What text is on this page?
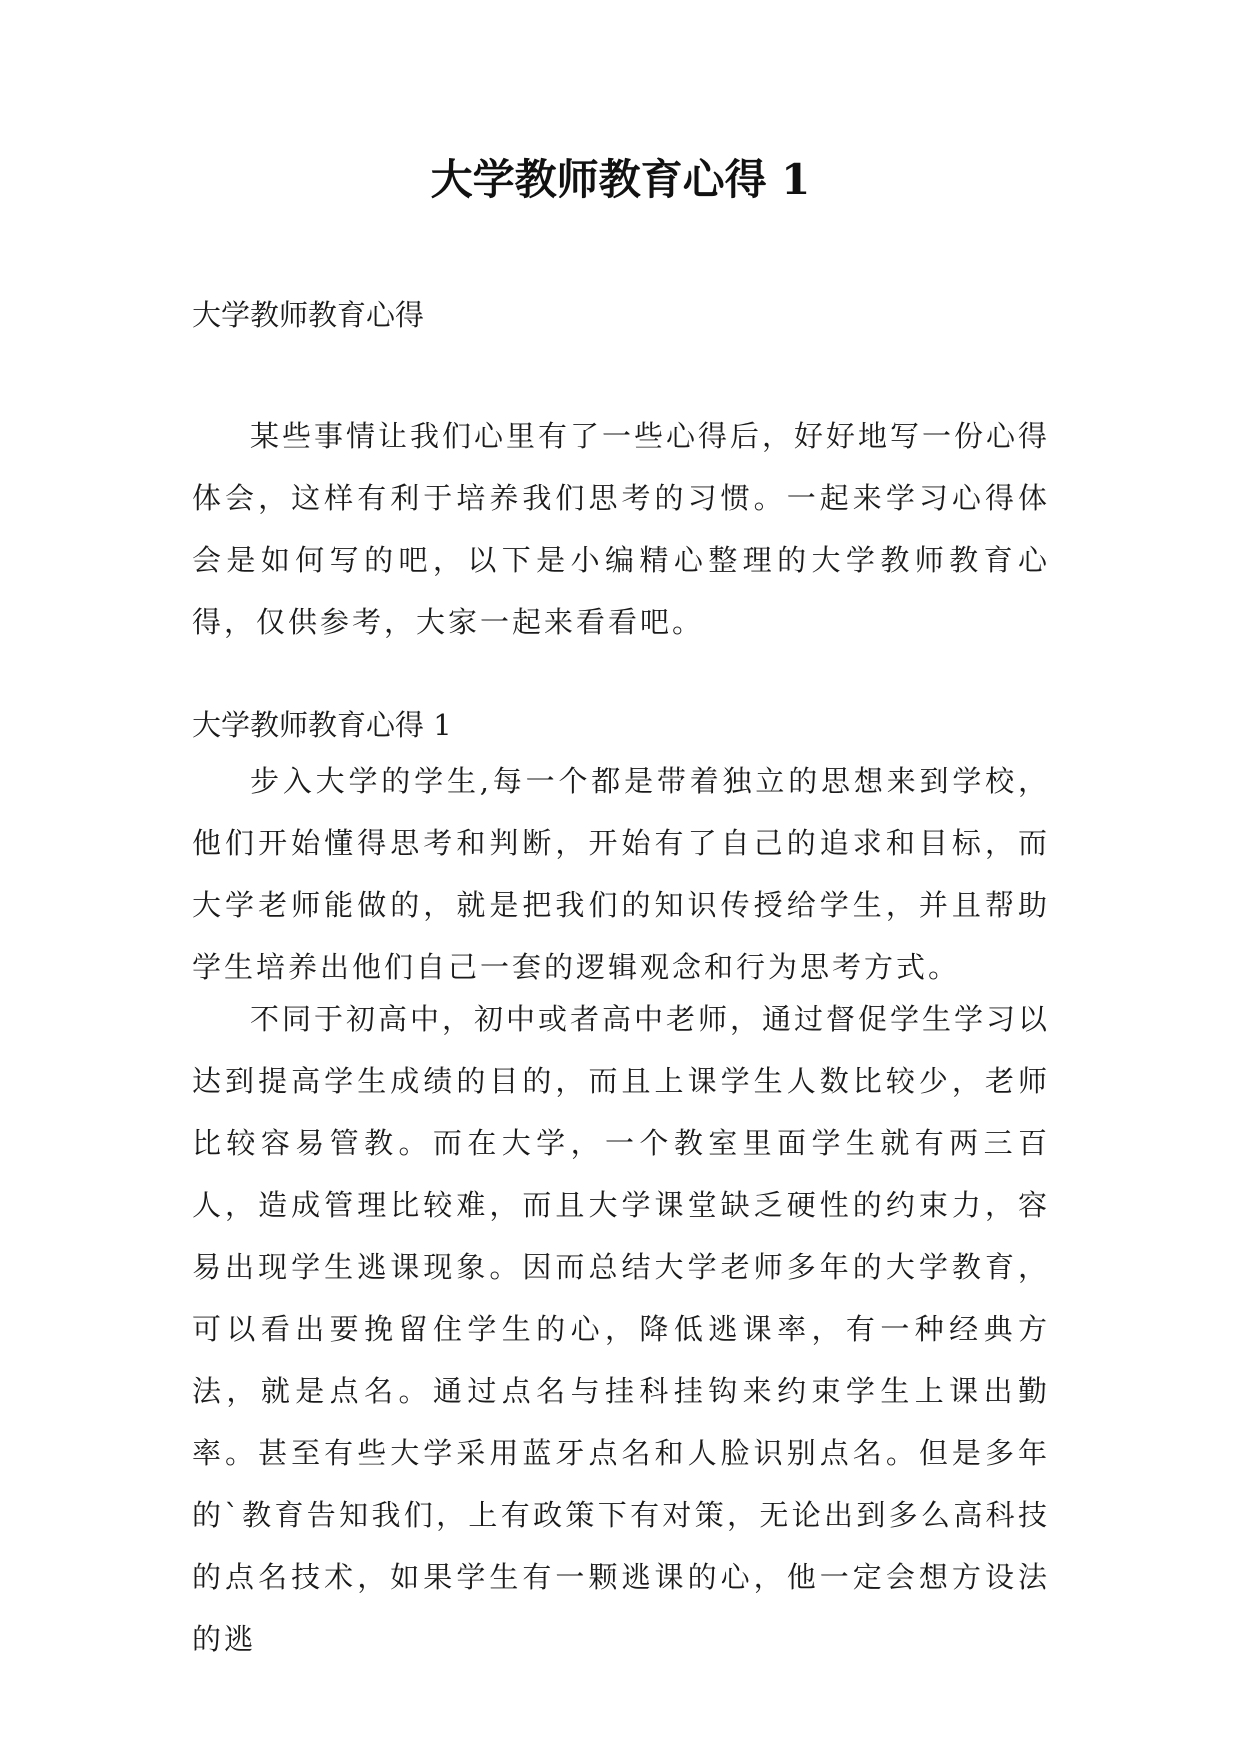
大学教师教育心得 1

大学教师教育心得

某些事情让我们心里有了一些心得后，好好地写一份心得体会，这样有利于培养我们思考的习惯。一起来学习心得体会是如何写的吧，以下是小编精心整理的大学教师教育心得，仅供参考，大家一起来看看吧。

大学教师教育心得 1

步入大学的学生,每一个都是带着独立的思想来到学校，他们开始懂得思考和判断，开始有了自己的追求和目标，而大学老师能做的，就是把我们的知识传授给学生，并且帮助学生培养出他们自己一套的逻辑观念和行为思考方式。

不同于初高中，初中或者高中老师，通过督促学生学习以达到提高学生成绩的目的，而且上课学生人数比较少，老师比较容易管教。而在大学，一个教室里面学生就有两三百人，造成管理比较难，而且大学课堂缺乏硬性的约束力，容易出现学生逃课现象。因而总结大学老师多年的大学教育，可以看出要挽留住学生的心，降低逃课率，有一种经典方法，就是点名。通过点名与挂科挂钩来约束学生上课出勤率。甚至有些大学采用蓝牙点名和人脸识别点名。但是多年的`教育告知我们，上有政策下有对策，无论出到多么高科技的点名技术，如果学生有一颗逃课的心，他一定会想方设法的逃
